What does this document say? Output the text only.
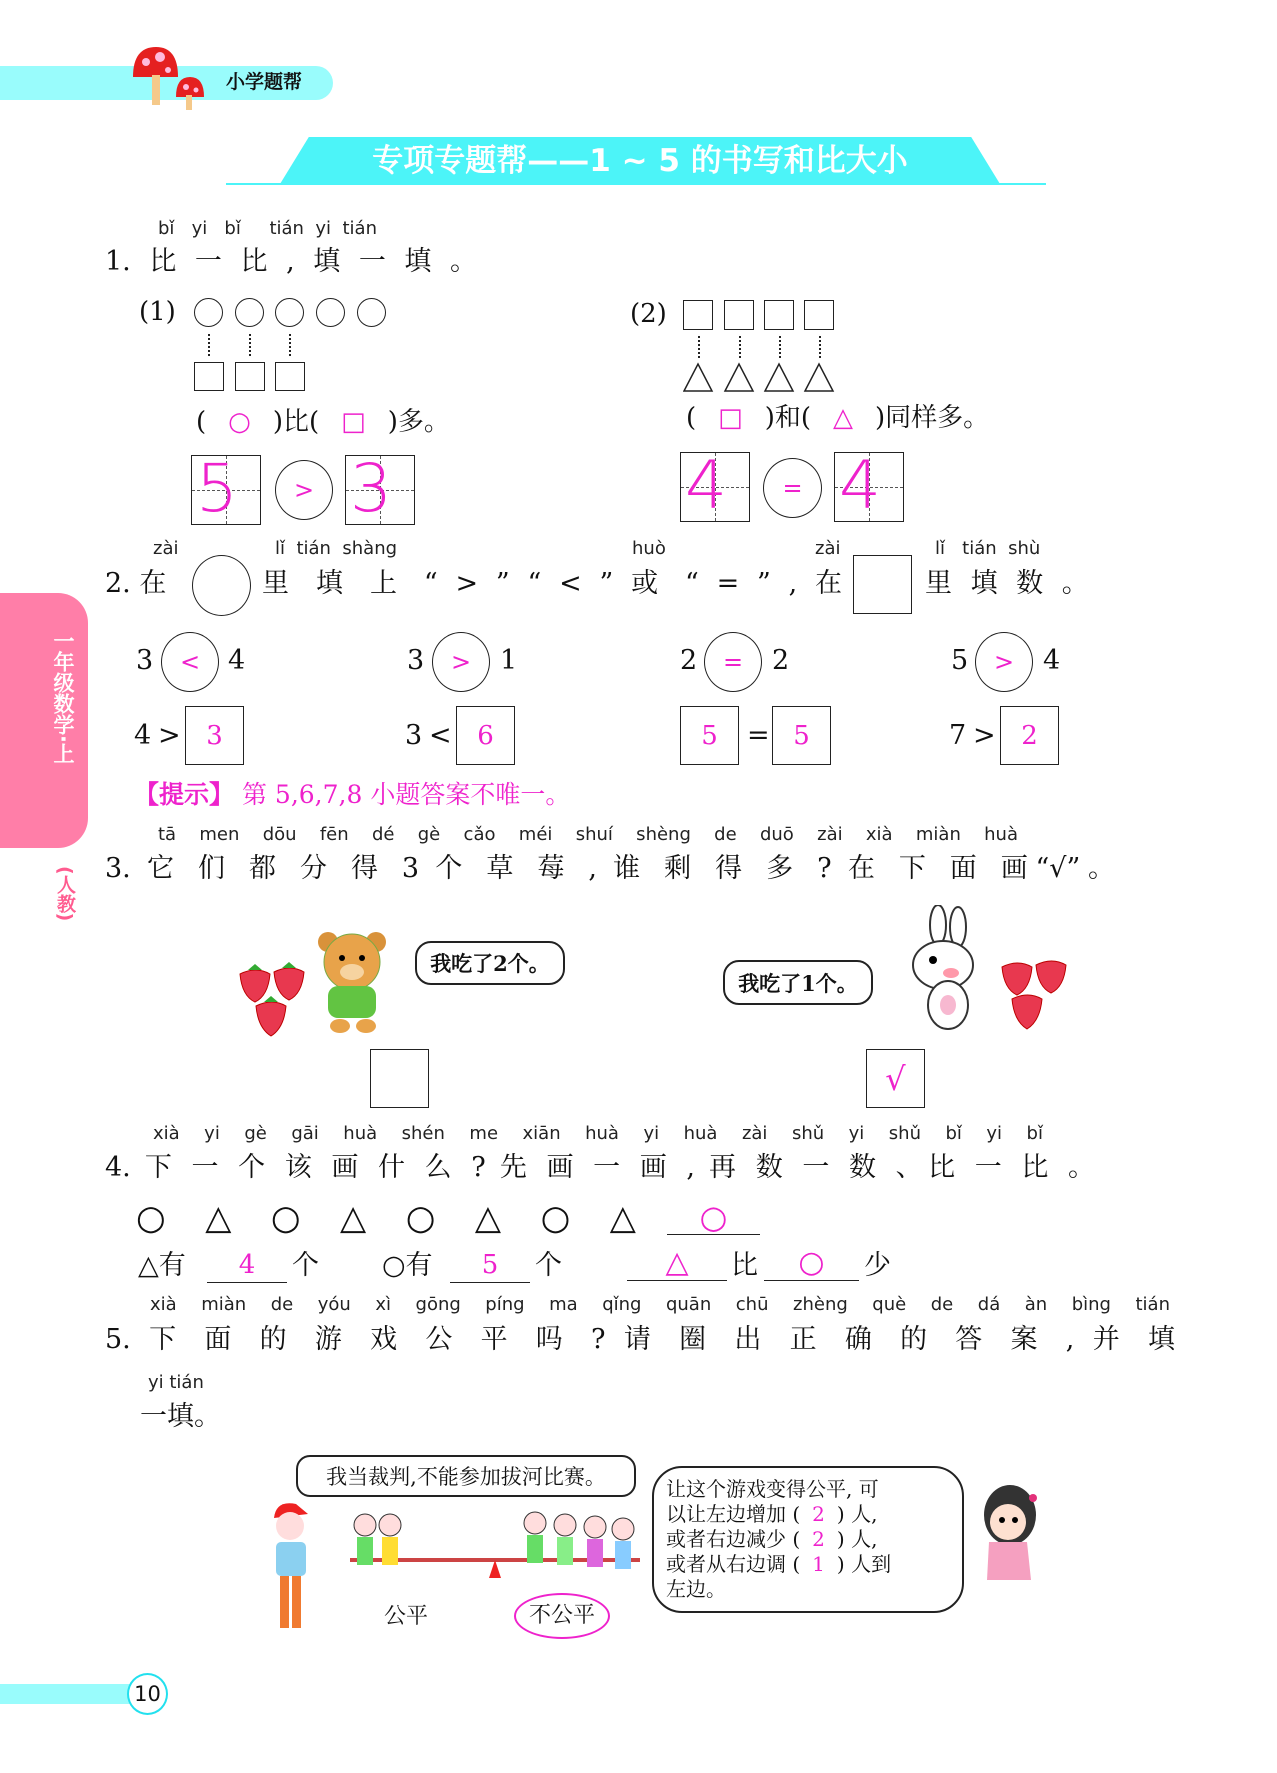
小学题帮
专项专题帮——1 ~ 5 的书写和比大小
一年级数学·上
(人教)
bǐ   yi   bǐ     tián  yi  tián
1. 比 一 比 , 填 一 填 。
(1)
( ○ )比( □ )多。
5	> 3
(2)
( □ )和( △ )同样多。
4	= 4
zài	lǐ  tián  shàng	huò	zài	lǐ   tián  shù
2. 在	里 填 上 “ > ” “ < ” 或 “ = ” , 在	里 填 数 。
3	<	4	3	>	1	2	=	2	5	>	4
4 > 3	3 < 6	5	= 5	7 > 2
【提示】 第 5,6,7,8 小题答案不唯一。
tā men dōu fēn dé gè cǎo méi shuí shèng de duō zài xià miàn huà
3. 它 们 都 分 得 3 个 草 莓 , 谁 剩 得 多 ? 在 下 面 画“√”。
我吃了2个。
我吃了1个。
√
xià yi gè gāi huà shén me xiān huà yi huà zài shǔ yi shǔ bǐ yi bǐ
4. 下 一 个 该 画 什 么 ? 先 画 一 画 , 再 数 一 数 、比 一 比 。
○ △ ○ △ ○ △ ○ △	○
△有	4	个 ○有	5	个	△	比	○	少
xià miàn de yóu xì gōng píng ma qǐng quān chū zhèng què de dá àn bìng tián
5. 下 面 的 游 戏 公 平 吗 ? 请 圈 出 正 确 的 答 案 , 并 填
yi tián
一填。
我当裁判,不能参加拔河比赛。
公平	不公平
让这个游戏变得公平, 可
以让左边增加 ( 2 ) 人,
或者右边减少 ( 2 ) 人,
或者从右边调 ( 1 ) 人到
左边。
10
